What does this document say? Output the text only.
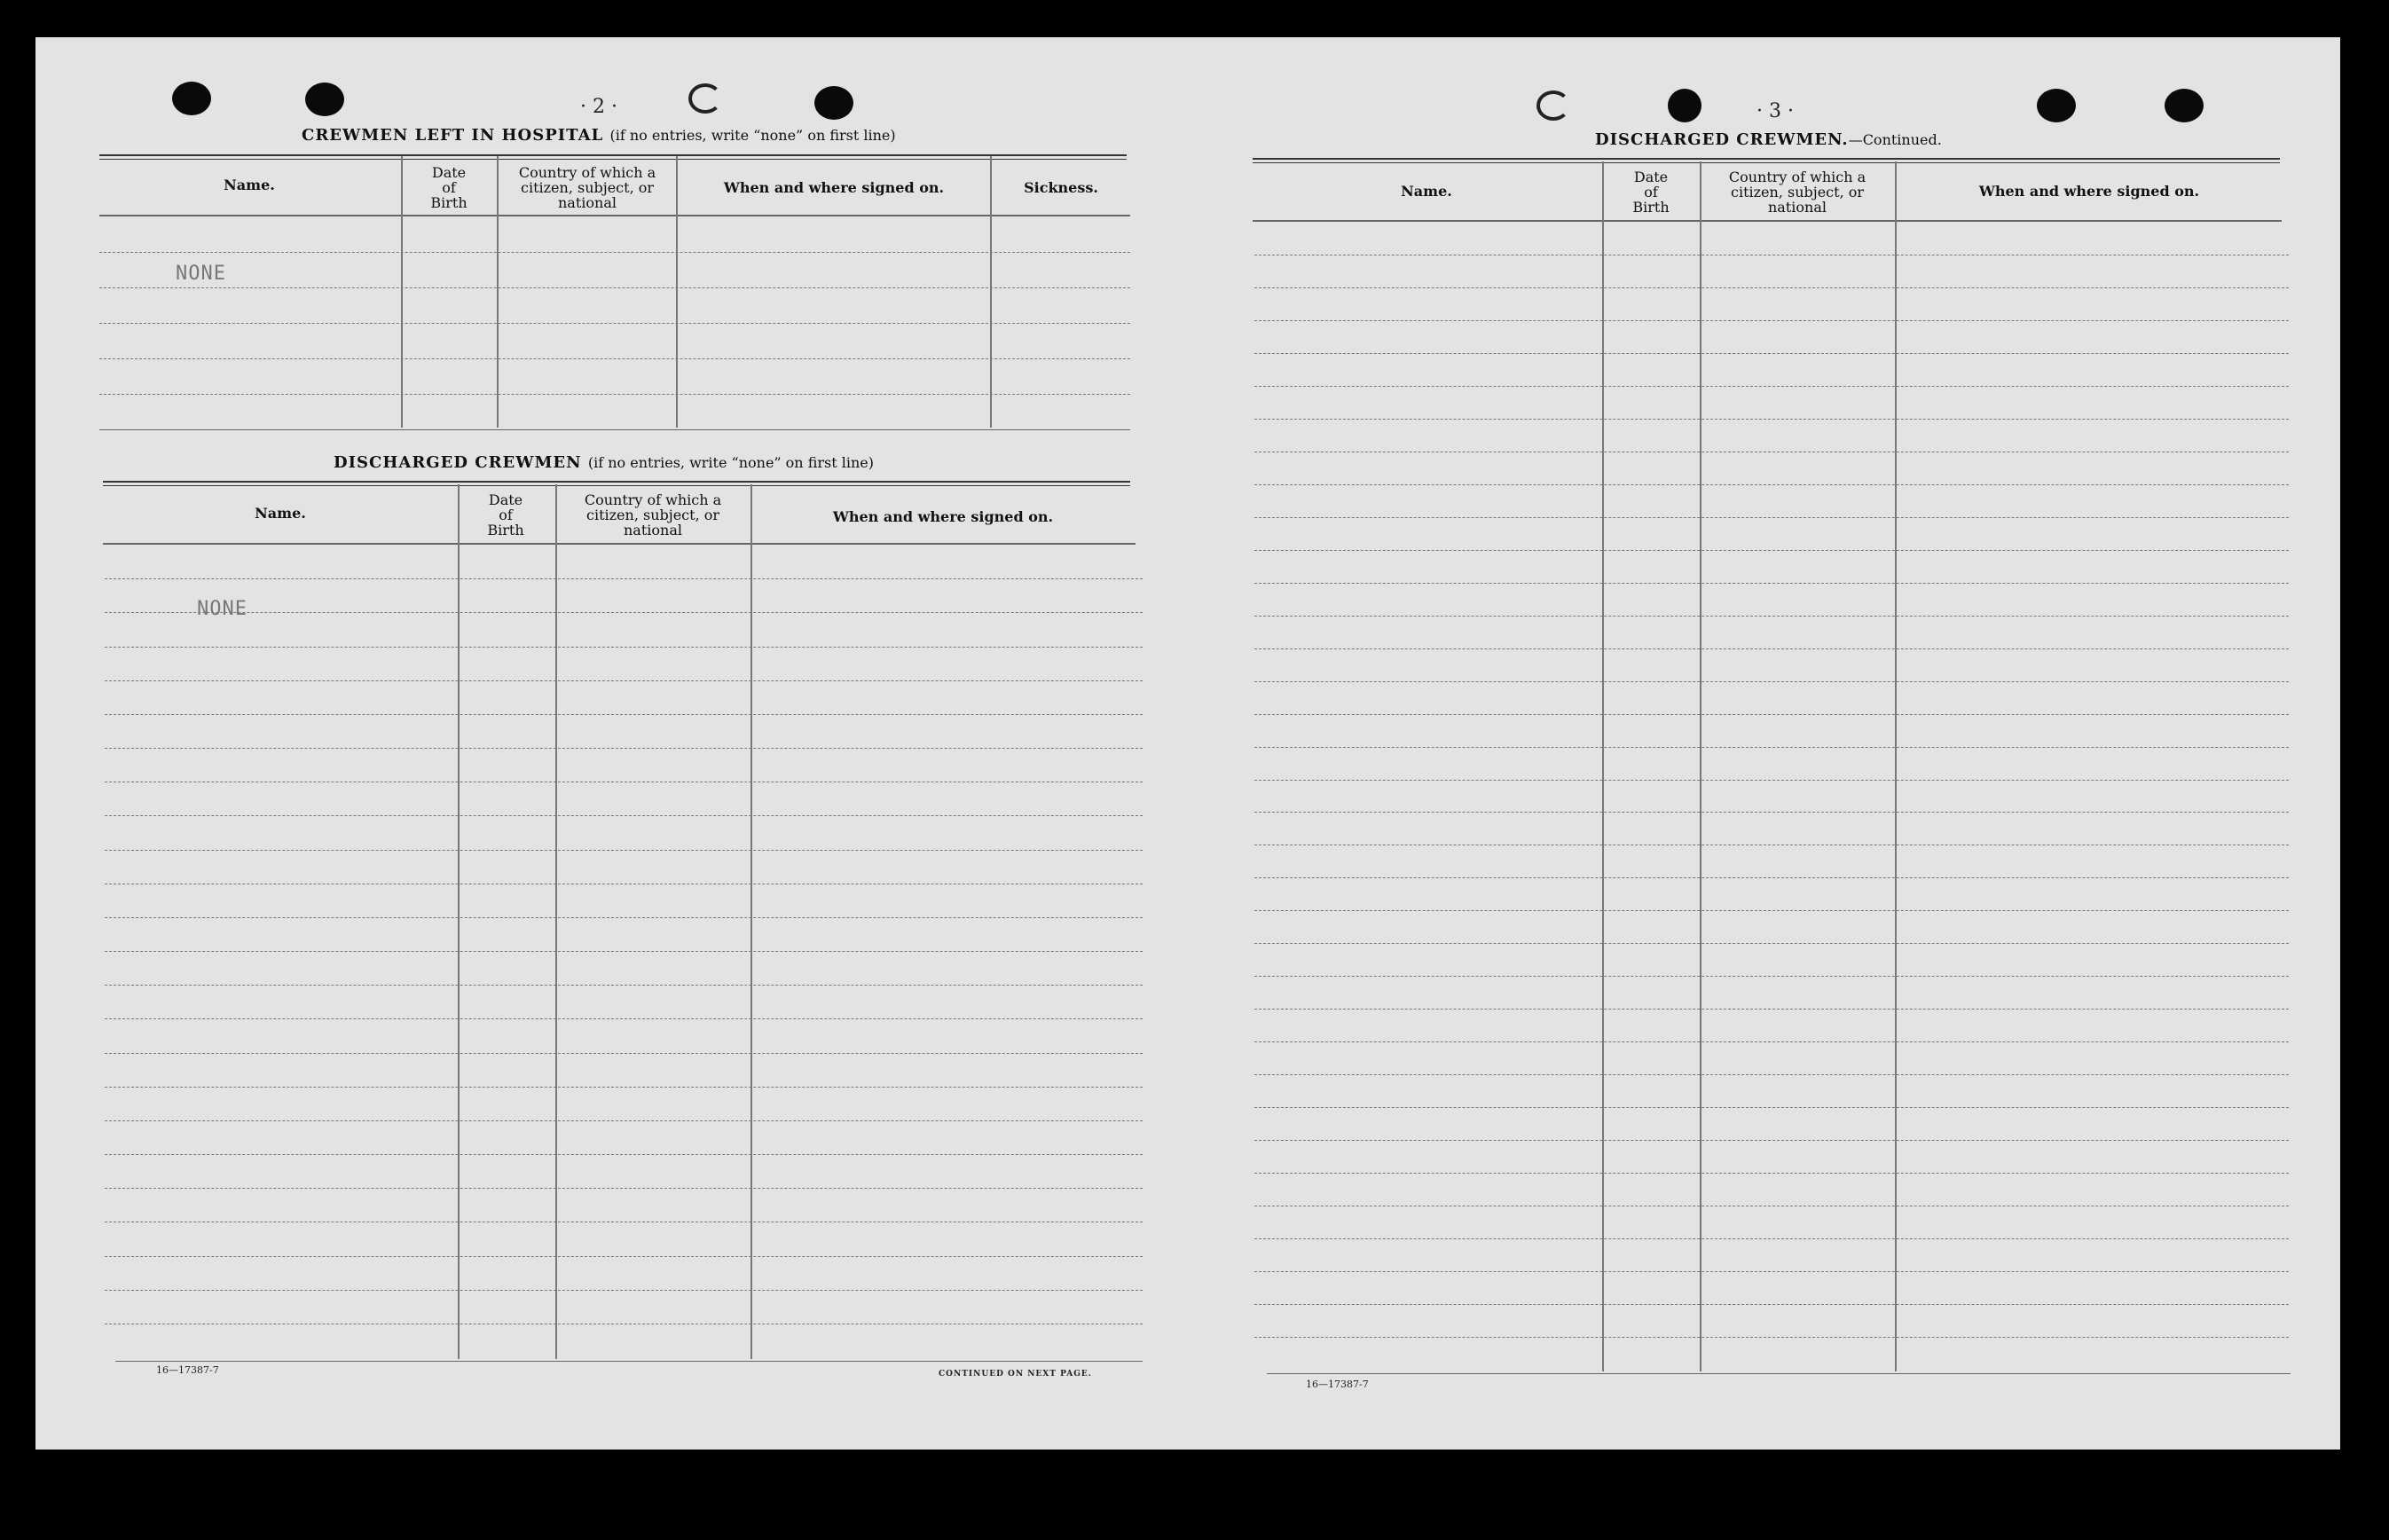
· 2 ·
CREWMEN LEFT IN HOSPITAL (if no entries, write “none” on first line)
Name.
Date
of
Birth
Country of which a
citizen, subject, or
national
When and where signed on.	Sickness.
NONE
DISCHARGED CREWMEN (if no entries, write “none” on first line)
Name.
Date
of
Birth
Country of which a
citizen, subject, or
national
When and where signed on.
NONE
16—17387-7	CONTINUED ON NEXT PAGE.
· 3 ·
DISCHARGED CREWMEN.—Continued.
Name.
Date
of
Birth
Country of which a
citizen, subject, or
national
When and where signed on.
16—17387-7
